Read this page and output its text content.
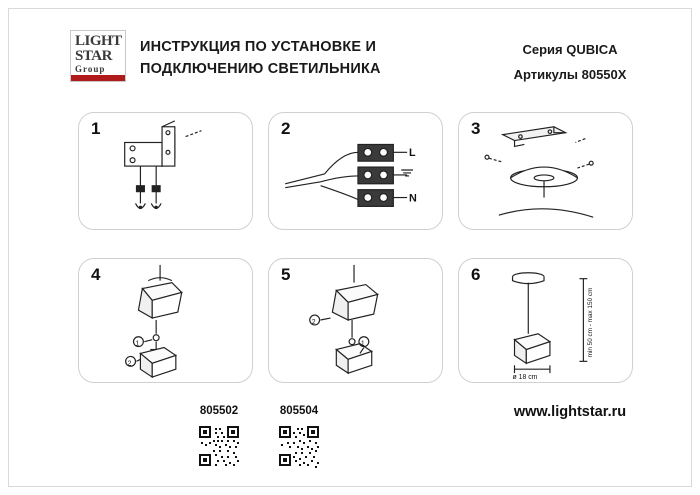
LIGHT
STAR
Group
ИНСТРУКЦИЯ ПО УСТАНОВКЕ И
ПОДКЛЮЧЕНИЮ СВЕТИЛЬНИКА
Серия QUBICA
Артикулы 80550X
1	2
L
N
3
4
1
2
5
2
1
6
ø 18 cm
min 50 cm - max 150 cm
805502	805504	www.lightstar.ru
